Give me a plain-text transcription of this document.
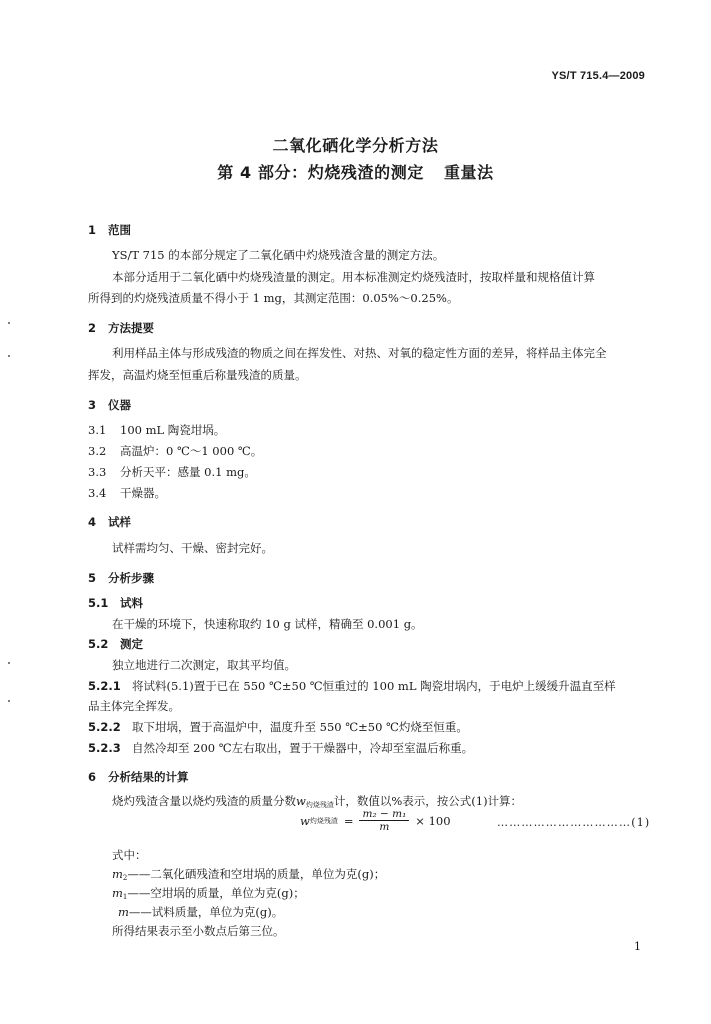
YS/T 715.4—2009
二氧化硒化学分析方法
第 4 部分：灼烧残渣的测定 重量法
1 范围
YS/T 715 的本部分规定了二氧化硒中灼烧残渣含量的测定方法。
本部分适用于二氧化硒中灼烧残渣量的测定。用本标准测定灼烧残渣时，按取样量和规格值计算
所得到的灼烧残渣质量不得小于 1 mg，其测定范围：0.05%～0.25%。
2 方法提要
利用样品主体与形成残渣的物质之间在挥发性、对热、对氧的稳定性方面的差异，将样品主体完全
挥发，高温灼烧至恒重后称量残渣的质量。
3 仪器
3.1 100 mL 陶瓷坩埚。
3.2 高温炉：0 ℃～1 000 ℃。
3.3 分析天平：感量 0.1 mg。
3.4 干燥器。
4 试样
试样需均匀、干燥、密封完好。
5 分析步骤
5.1 试料
在干燥的环境下，快速称取约 10 g 试样，精确至 0.001 g。
5.2 测定
独立地进行二次测定，取其平均值。
5.2.1 将试料(5.1)置于已在 550 ℃±50 ℃恒重过的 100 mL 陶瓷坩埚内，于电炉上缓缓升温直至样
品主体完全挥发。
5.2.2 取下坩埚，置于高温炉中，温度升至 550 ℃±50 ℃灼烧至恒重。
5.2.3 自然冷却至 200 ℃左右取出，置于干燥器中，冷却至室温后称重。
6 分析结果的计算
烧灼残渣含量以烧灼残渣的质量分数w灼烧残渣计，数值以%表示，按公式(1)计算：
w 灼烧残渣 = $\frac{\text{m₂ − m₁}}{m} \times 100$	……………………………(1)
式中：
m2——二氧化硒残渣和空坩埚的质量，单位为克(g)；
m1——空坩埚的质量，单位为克(g)；
m——试料质量，单位为克(g)。
所得结果表示至小数点后第三位。
1
